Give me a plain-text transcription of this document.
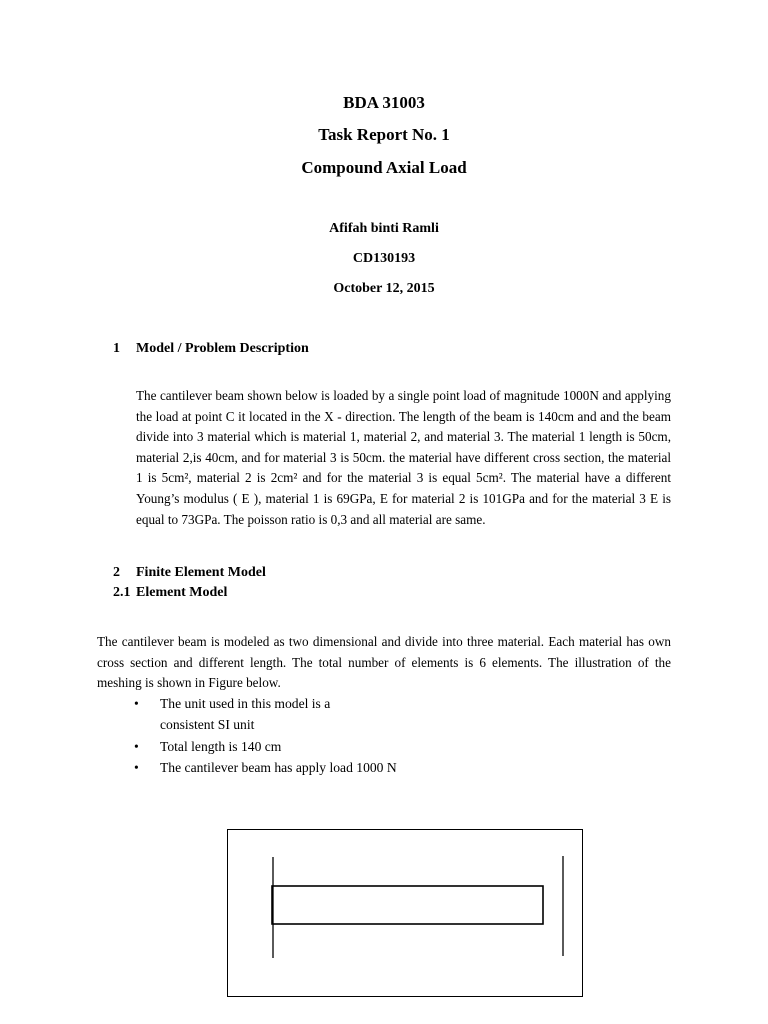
BDA 31003
Task Report No. 1
Compound Axial Load
Afifah binti Ramli
CD130193
October 12, 2015
1 Model / Problem Description

The cantilever beam shown below is loaded by a single point load of magnitude 1000N and applying the load at point C it located in the X - direction. The length of the beam is 140cm and and the beam divide into 3 material which is material 1, material 2, and material 3. The material 1 length is 50cm, material 2,is 40cm, and for material 3 is 50cm. the material have different cross section, the material 1 is 5cm², material 2 is 2cm² and for the material 3 is equal 5cm². The material have a different Young’s modulus ( E ), material 1 is 69GPa, E for material 2 is 101GPa and for the material 3 E is equal to 73GPa. The poisson ratio is 0,3 and all material are same.

2 Finite Element Model
2.1 Element Model

The cantilever beam is modeled as two dimensional and divide into three material. Each material has own cross section and different length. The total number of elements is 6 elements. The illustration of the meshing is shown in Figure below.

• The unit used in this model is a consistent SI unit
• Total length is 140 cm
• The cantilever beam has apply load 1000 N
